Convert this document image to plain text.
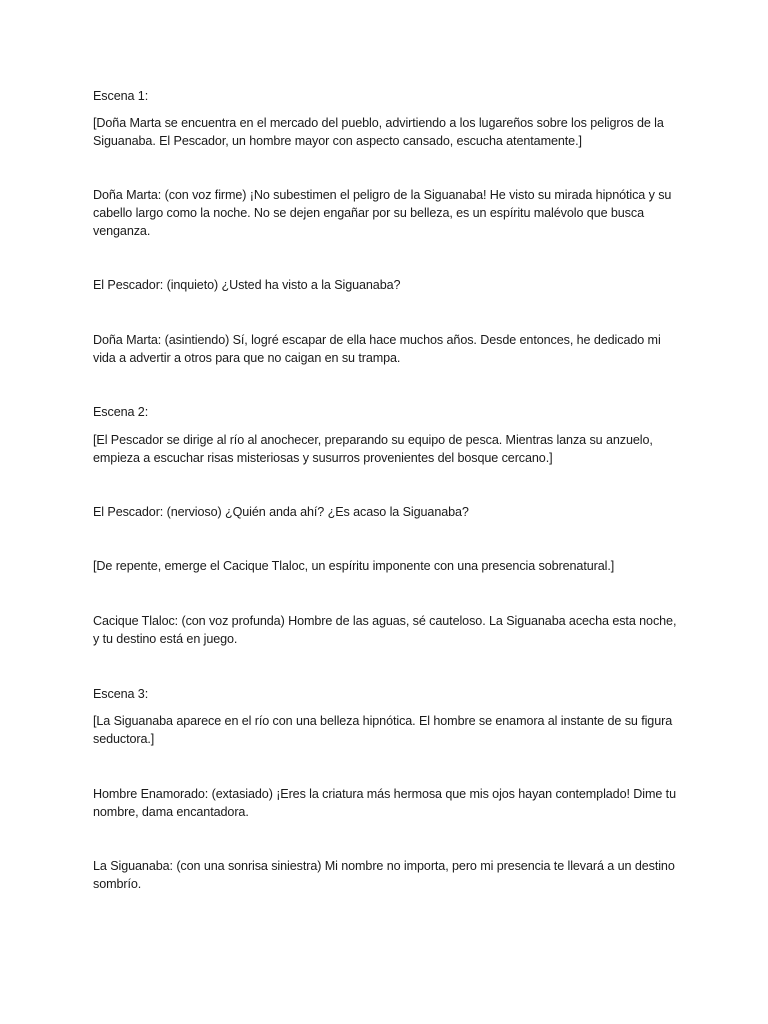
Escena 1:

[Doña Marta se encuentra en el mercado del pueblo, advirtiendo a los lugareños sobre los peligros de la Siguanaba. El Pescador, un hombre mayor con aspecto cansado, escucha atentamente.]

Doña Marta: (con voz firme) ¡No subestimen el peligro de la Siguanaba! He visto su mirada hipnótica y su cabello largo como la noche. No se dejen engañar por su belleza, es un espíritu malévolo que busca venganza.

El Pescador: (inquieto) ¿Usted ha visto a la Siguanaba?

Doña Marta: (asintiendo) Sí, logré escapar de ella hace muchos años. Desde entonces, he dedicado mi vida a advertir a otros para que no caigan en su trampa.

Escena 2:

[El Pescador se dirige al río al anochecer, preparando su equipo de pesca. Mientras lanza su anzuelo, empieza a escuchar risas misteriosas y susurros provenientes del bosque cercano.]

El Pescador: (nervioso) ¿Quién anda ahí? ¿Es acaso la Siguanaba?

[De repente, emerge el Cacique Tlaloc, un espíritu imponente con una presencia sobrenatural.]

Cacique Tlaloc: (con voz profunda) Hombre de las aguas, sé cauteloso. La Siguanaba acecha esta noche, y tu destino está en juego.

Escena 3:

[La Siguanaba aparece en el río con una belleza hipnótica. El hombre se enamora al instante de su figura seductora.]

Hombre Enamorado: (extasiado) ¡Eres la criatura más hermosa que mis ojos hayan contemplado! Dime tu nombre, dama encantadora.

La Siguanaba: (con una sonrisa siniestra) Mi nombre no importa, pero mi presencia te llevará a un destino sombrío.
